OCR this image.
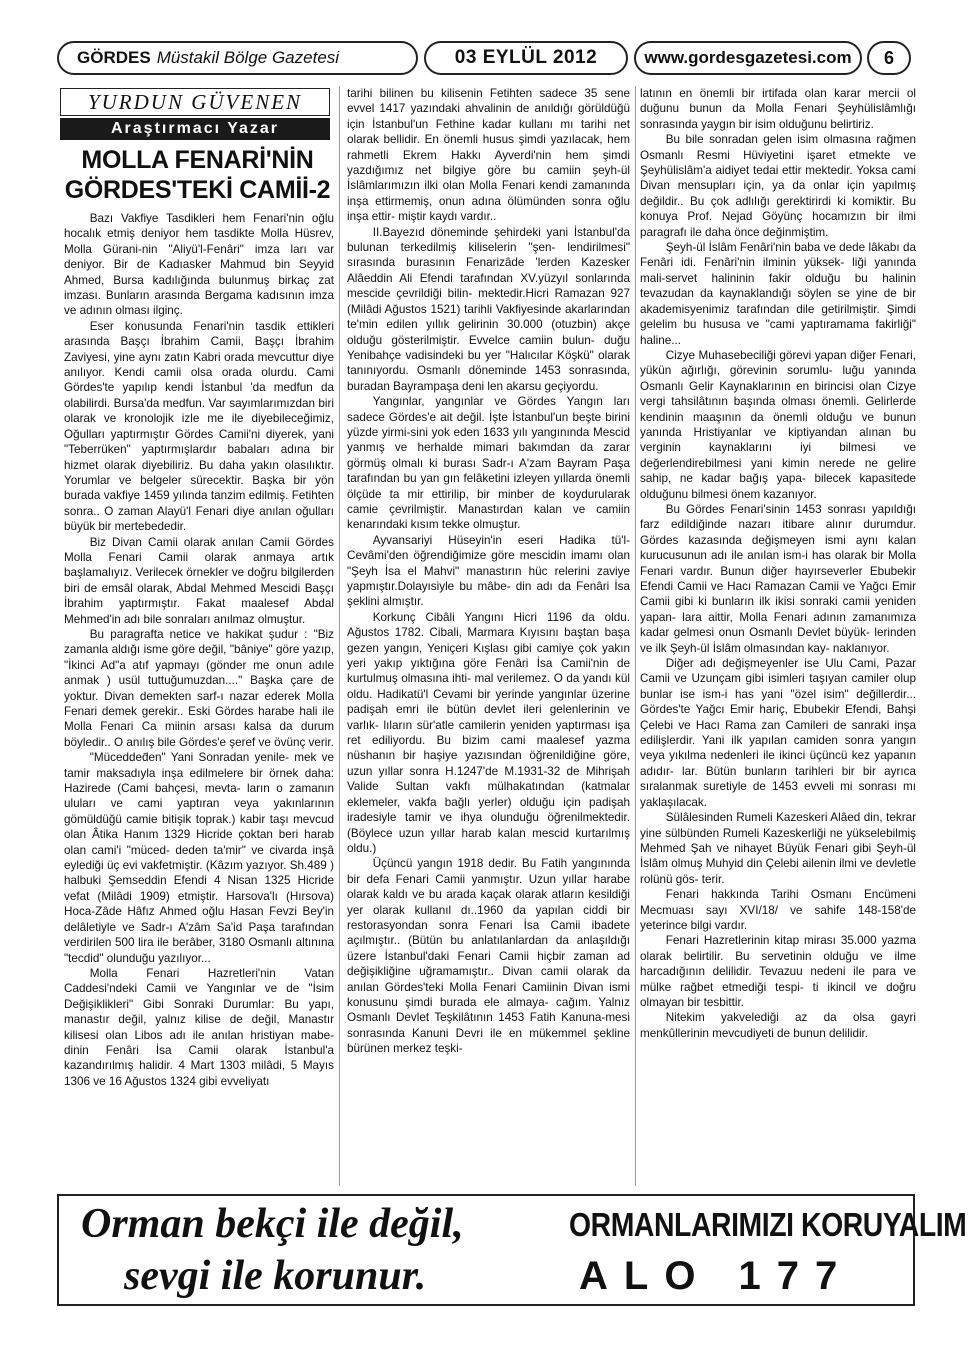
GÖRDES Müstakil Bölge Gazetesi	03 EYLÜL 2012	www.gordesgazetesi.com	6
YURDUN GÜVENEN
Araştırmacı Yazar
MOLLA FENARİ'NİN
GÖRDES'TEKİ CAMİİ-2

Bazı Vakfiye Tasdikleri hem Fenari'nin oğlu hocalık etmiş deniyor hem tasdikte Molla Hüsrev, Molla Gürani-nin "Aliyü'l-Fenâri" imza ları var deniyor. Bir de Kadıasker Mahmud bin Seyyid Ahmed, Bursa kadılığında bulunmuş birkaç zat imzası. Bunların arasında Bergama kadısının imza ve adının olması ilginç.

Eser konusunda Fenari'nin tasdik ettikleri arasında Başçı İbrahim Camii, Başçı İbrahim Zaviyesi, yine aynı zatın Kabri orada mevcuttur diye anılıyor. Kendi camii olsa orada olurdu. Cami Gördes'te yapılıp kendi İstanbul 'da medfun da olabilirdi. Bursa'da medfun. Var sayımlarımızdan biri olarak ve kronolojik izle me ile diyebileceğimiz, Oğulları yaptırmıştır Gördes Camii'ni diyerek, yani "Teberrüken" yaptırmışlardır babaları adına bir hizmet olarak diyebiliriz. Bu daha yakın olasılıktır. Yorumlar ve belgeler sürecektir. Başka bir yön burada vakfiye 1459 yılında tanzim edilmiş. Fetihten sonra.. O zaman Alayü'l Fenari diye anılan oğulları büyük bir mertebededir.

Biz Divan Camii olarak anılan Camii Gördes Molla Fenari Camii olarak anmaya artık başlamalıyız. Verilecek örnekler ve doğru bilgilerden biri de emsâl olarak, Abdal Mehmed Mescidi Başçı İbrahim yaptırmıştır. Fakat maalesef Abdal Mehmed'in adı bile sonraları anılmaz olmuştur.

Bu paragrafta netice ve hakikat şudur : "Biz zamanla aldığı isme göre değil, "bâniye" göre yazıp, "İkinci Ad"a atıf yapmayı (gönder me onun adıle anmak ) usül tuttuğumuzdan...." Başka çare de yoktur. Divan demekten sarf-ı nazar ederek Molla Fenari demek gerekir.. Eski Gördes harabe hali ile Molla Fenari Ca miinin arsası kalsa da durum böyledir.. O anılış bile Gördes'e şeref ve övünç verir.

"Mücedded̄en" Yani Sonradan yenile- mek ve tamir maksadıyla inşa edilmelere bir örnek daha: Hazirede (Cami bahçesi, mevta- ların o zamanın uluları ve cami yaptıran veya yakınlarının gömüldüğü camie bitişik toprak.) kabir taşı mevcud olan Âtika Hanım 1329 Hicride çoktan beri harab olan cami'i "müced- deden ta'mir" ve civarda inşâ eylediği üç evi vakfetmiştir. (Kâzım yazıyor. Sh.489 ) halbuki Şemseddin Efendi 4 Nisan 1325 Hicride vefat (Milâdi 1909) etmiştir. Harsova'lı (Hırsova) Hoca-Zâde Hâfız Ahmed oğlu Hasan Fevzi Bey'in delâletiyle ve Sadr-ı A'zâm Sa'id Paşa tarafından verdirilen 500 lira ile berâber, 3180 Osmanlı altınına "tecdid" olunduğu yazılıyor...

Molla Fenari Hazretleri'nin Vatan Caddesi'ndeki Camii ve Yangınlar ve de "İsim Değişiklikleri" Gibi Sonraki Durumlar: Bu yapı, manastır değil, yalnız kilise de değil, Manastır kilisesi olan Libos adı ile anılan hristiyan mabe- dinin Fenâri İsa Camii olarak İstanbul'a kazandırılmış halidir. 4 Mart 1303 milâdi, 5 Mayıs 1306 ve 16 Ağustos 1324 gibi evveliyatı

tarihi bilinen bu kilisenin Fetihten sadece 35 sene evvel 1417 yazındaki ahvalinin de anıldığı görüldüğü için İstanbul'un Fethine kadar kullanı mı tarihi net olarak bellidir. En önemli husus şimdi yazılacak, hem rahmetli Ekrem Hakkı Ayverdi'nin hem şimdi yazdığımız net bilgiye göre bu camiin şeyh-ül İslâmlarımızın ilki olan Molla Fenari kendi zamanında inşa ettirmemiş, onun adına ölümünden sonra oğlu inşa ettir- miştir kaydı vardır..

II.Bayezıd döneminde şehirdeki yani İstanbul'da bulunan terkedilmiş kiliselerin "şen- lendirilmesi" sırasında burasının Fenarizâde 'lerden Kazesker Alâeddin Ali Efendi tarafından XV.yüzyıl sonlarında mescide çevrildiği bilin- mektedir.Hicri Ramazan 927 (Milâdi Ağustos 1521) tarihli Vakfiyesinde akarlarından te'min edilen yıllık gelirinin 30.000 (otuzbin) akçe olduğu gösterilmiştir. Evvelce camiin bulun- duğu Yenibahçe vadisindeki bu yer "Halıcılar Köşkü" olarak tanınıyordu. Osmanlı döneminde 1453 sonrasında, buradan Bayrampaşa deni len akarsu geçiyordu.

Yangınlar, yangınlar ve Gördes Yangın ları sadece Gördes'e ait değil. İşte İstanbul'un beşte birini yüzde yirmi-sini yok eden 1633 yılı yangınında Mescid yanmış ve herhalde mimari bakımdan da zarar görmüş olmalı ki burası Sadr-ı A'zam Bayram Paşa tarafından bu yan gın felâketini izleyen yıllarda önemli ölçüde ta mir ettirilip, bir minber de koydurularak camie çevrilmiştir. Manastırdan kalan ve camiin kenarındaki kısım tekke olmuştur.

Ayvansariyi Hüseyin'in eseri Hadika tü'l-Cevâmi'den öğrendiğimize göre mescidin imamı olan "Şeyh İsa el Mahvi" manastırın hüc relerini zaviye yapmıştır.Dolayısiyle bu mâbe- din adı da Fenâri İsa şeklini almıştır.

Korkunç Cibâli Yangını Hicri 1196 da oldu. Ağustos 1782. Cibali, Marmara Kıyısını baştan başa gezen yangın, Yeniçeri Kışlası gibi camiye çok yakın yeri yakıp yıktığına göre Fenâri İsa Camii'nin de kurtulmuş olmasına ihti- mal verilemez. O da yandı kül oldu. Hadikatü'l Cevami bir yerinde yangınlar üzerine padişah emri ile bütün devlet ileri gelenlerinin ve varlık- lıların sür'atle camilerin yeniden yaptırması işa ret ediliyordu. Bu bizim cami maalesef yazma nüshanın bir haşiye yazısından öğrenildiğine göre, uzun yıllar sonra H.1247'de M.1931-32 de Mihrişah Valide Sultan vakfı mülhakatından (katmalar eklemeler, vakfa bağlı yerler) olduğu için padişah iradesiyle tamir ve ihya olunduğu öğrenilmektedir.(Böylece uzun yıllar harab kalan mescid kurtarılmış oldu.)

Üçüncü yangın 1918 dedir. Bu Fatih yangınında bir defa Fenari Camii yanmıştır. Uzun yıllar harabe olarak kaldı ve bu arada kaçak olarak atların kesildiği yer olarak kullanıl dı..1960 da yapılan ciddi bir restorasyondan sonra Fenari İsa Camii ibadete açılmıştır.. (Bütün bu anlatılanlardan da anlaşıldığı üzere İstanbul'daki Fenari Camii hiçbir zaman ad değişikliğine uğramamıştır.. Divan camii olarak da anılan Gördes'teki Molla Fenari Camiinin Divan ismi konusunu şimdi burada ele almaya- cağım. Yalnız Osmanlı Devlet Teşkilâtının 1453 Fatih Kanuna-mesi sonrasında Kanuni Devri ile en mükemmel şekline bürünen merkez teşki-

latının en önemli bir irtifada olan karar mercii ol duğunu bunun da Molla Fenari Şeyhülislâmlığı sonrasında yaygın bir isim olduğunu belirtiriz.

Bu bile sonradan gelen isim olmasına rağmen Osmanlı Resmi Hüviyetini işaret etmekte ve Şeyhülislâm'a aidiyet tedai ettir mektedir. Yoksa cami Divan mensupları için, ya da onlar için yapılmış değildir.. Bu çok adlılığı gerektirirdi ki komiktir. Bu konuya Prof. Nejad Göyünç hocamızın bir ilmi paragrafı ile daha önce değinmiştim.

Şeyh-ül İslâm Fenâri'nin baba ve dede lâkabı da Fenâri idi. Fenâri'nin ilminin yüksek- liği yanında mali-servet halininin fakir olduğu bu halinin tevazudan da kaynaklandığı söylen se yine de bir akademisyenimiz tarafından dile getirilmiştir. Şimdi gelelim bu hususa ve "cami yaptıramama fakirliği" haline...

Cizye Muhasebeciliği görevi yapan diğer Fenari, yükün ağırlığı, görevinin sorumlu- luğu yanında Osmanlı Gelir Kaynaklarının en birincisi olan Cizye vergi tahsilâtının başında olması önemli. Gelirlerde kendinin maaşının da önemli olduğu ve bunun yanında Hristiyanlar ve kiptiyandan alınan bu verginin kaynaklarını iyi bilmesi ve değerlendirebilmesi yani kimin nerede ne gelire sahip, ne kadar bağış yapa- bilecek kapasitede olduğunu bilmesi önem kazanıyor.

Bu Gördes Fenari'sinin 1453 sonrası yapıldığı farz edildiğinde nazarı itibare alınır durumdur. Gördes kazasında değişmeyen ismi aynı kalan kurucusunun adı ile anılan ism-i has olarak bir Molla Fenari vardır. Bunun diğer hayırseverler Ebubekir Efendi Camii ve Hacı Ramazan Camii ve Yağcı Emir Camii gibi ki bunların ilk ikisi sonraki camii yeniden yapan- lara aittir, Molla Fenari adının zamanımıza kadar gelmesi onun Osmanlı Devlet büyük- lerinden ve ilk Şeyh-ül İslâm olmasından kay- naklanıyor.

Diğer adı değişmeyenler ise Ulu Cami, Pazar Camii ve Uzunçam gibi isimleri taşıyan camiler olup bunlar ise ism-i has yani "özel isim" değillerdir... Gördes'te Yağcı Emir hariç, Ebubekir Efendi, Bahşi Çelebi ve Hacı Rama zan Camileri de sanraki inşa edilişlerdir. Yani ilk yapılan camiden sonra yangın veya yıkılma nedenleri ile ikinci üçüncü kez yapanın adıdır- lar. Bütün bunların tarihleri bir bir ayrıca sıralanmak suretiyle de 1453 evveli mi sonrası mı yaklaşılacak.

Sülâlesinden Rumeli Kazeskeri Alâed din, tekrar yine sülbünden Rumeli Kazeskerliği ne yükselebilmiş Mehmed Şah ve nihayet Büyük Fenari gibi Şeyh-ül İslâm olmuş Muhyid din Çelebi ailenin ilmi ve devletle rolünü gös- terir.

Fenari hakkında Tarihi Osmanı Encümeni Mecmuası sayı XVI/18/ ve sahife 148-158'de yeterince bilgi vardır.

Fenari Hazretlerinin kitap mirası 35.000 yazma olarak belirtilir. Bu servetinin olduğu ve ilme harcadığının delilidir. Tevazuu nedeni ile para ve mülke rağbet etmediği tespi- ti ikincil ve doğru olmayan bir tesbittir.

Nitekim yakvelediği az da olsa gayri menkûllerinin mevcudiyeti de bunun delilidir.

Orman bekçi ile değil,
sevgi ile korunur.
ORMANLARIMIZI KORUYALIM
ALO 177
